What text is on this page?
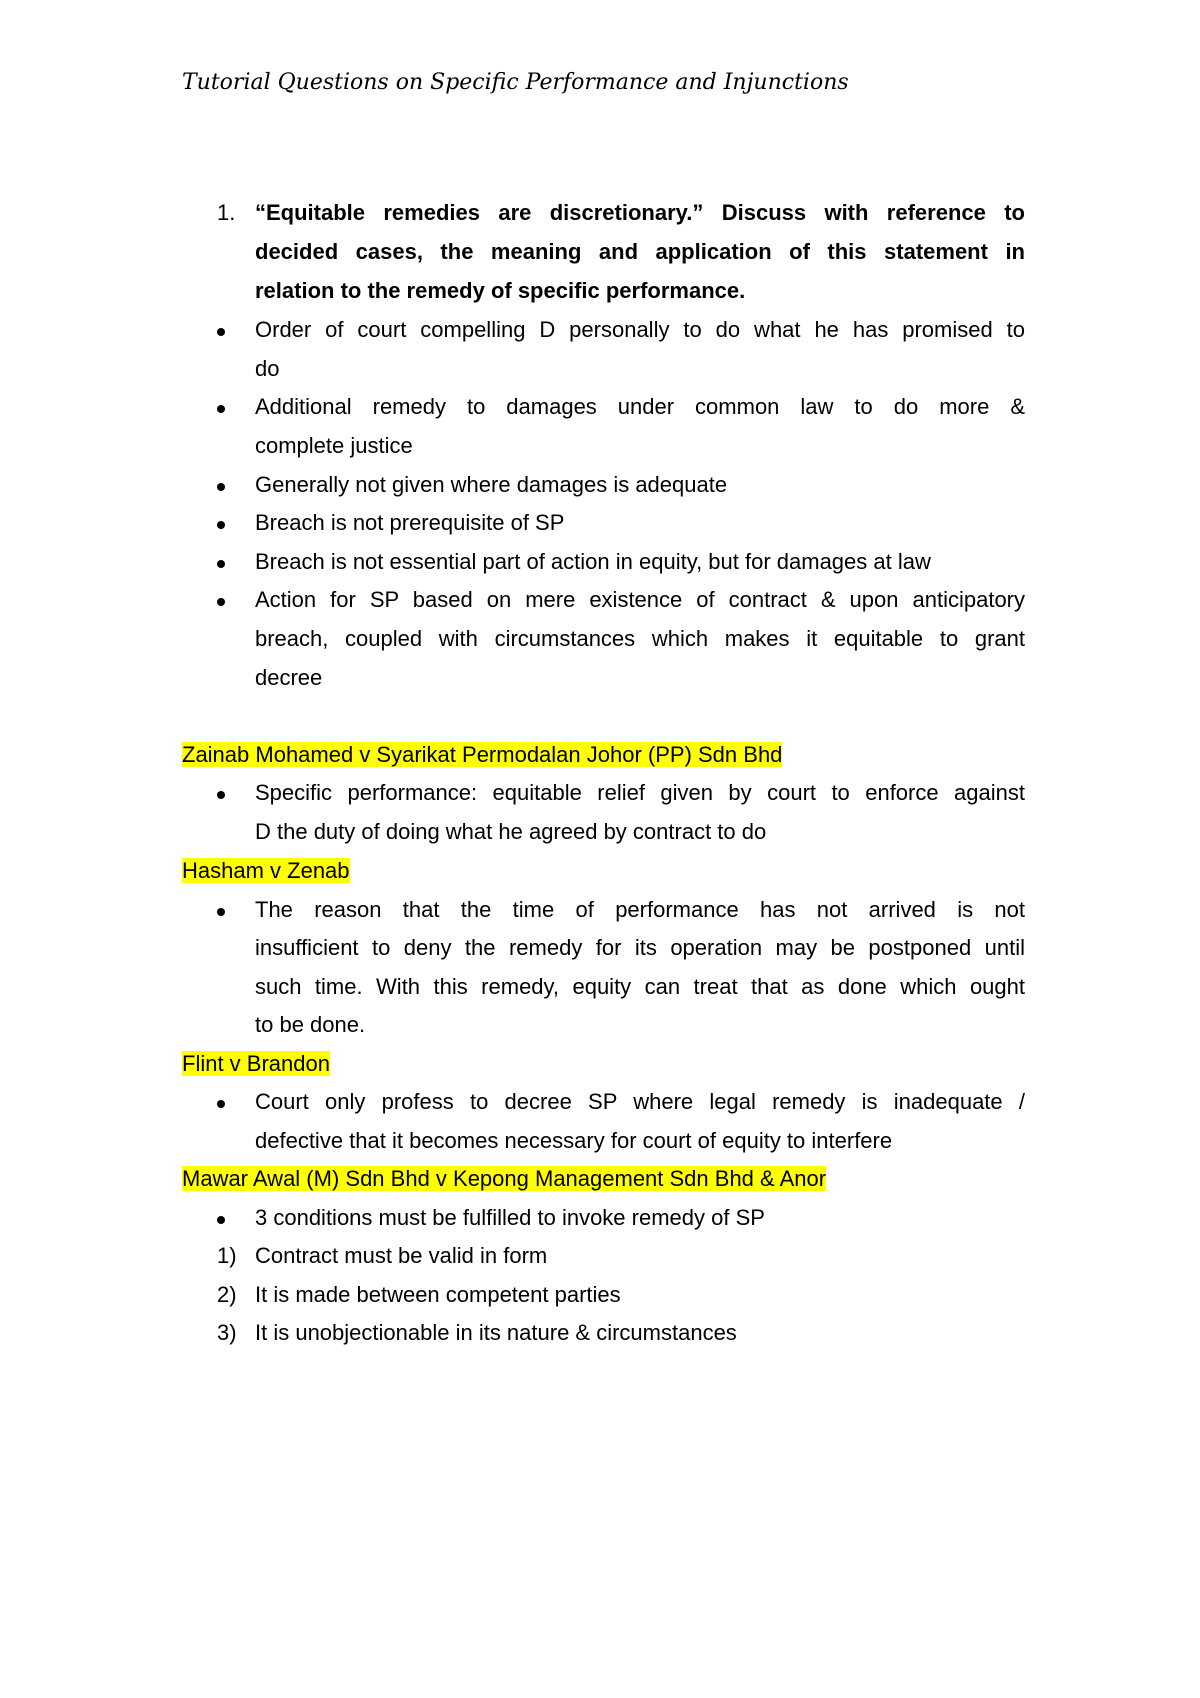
Tutorial Questions on Specific Performance and Injunctions
1. “Equitable remedies are discretionary.” Discuss with reference to
decided cases, the meaning and application of this statement in
relation to the remedy of specific performance.
Order of court compelling D personally to do what he has promised to
do
Additional remedy to damages under common law to do more &
complete justice
Generally not given where damages is adequate
Breach is not prerequisite of SP
Breach is not essential part of action in equity, but for damages at law
Action for SP based on mere existence of contract & upon anticipatory
breach, coupled with circumstances which makes it equitable to grant
decree
Zainab Mohamed v Syarikat Permodalan Johor (PP) Sdn Bhd
Specific performance: equitable relief given by court to enforce against
D the duty of doing what he agreed by contract to do
Hasham v Zenab
The reason that the time of performance has not arrived is not
insufficient to deny the remedy for its operation may be postponed until
such time. With this remedy, equity can treat that as done which ought
to be done.
Flint v Brandon
Court only profess to decree SP where legal remedy is inadequate /
defective that it becomes necessary for court of equity to interfere
Mawar Awal (M) Sdn Bhd v Kepong Management Sdn Bhd & Anor
3 conditions must be fulfilled to invoke remedy of SP
1) Contract must be valid in form
2) It is made between competent parties
3) It is unobjectionable in its nature & circumstances
